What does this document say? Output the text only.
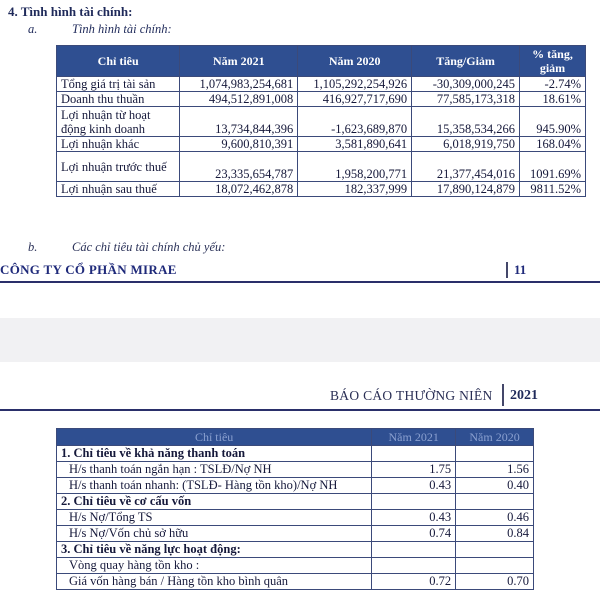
4. Tình hình tài chính:
a.	Tình hình tài chính:
Chỉ tiêu	Năm 2021	Năm 2020	Tăng/Giảm	% tăng, giảm
Tổng giá trị tài sản	1,074,983,254,681	1,105,292,254,926	-30,309,000,245	-2.74%
Doanh thu thuần	494,512,891,008	416,927,717,690	77,585,173,318	18.61%
Lợi nhuận từ hoạt động kinh doanh	13,734,844,396	-1,623,689,870	15,358,534,266	945.90%
Lợi nhuận khác	9,600,810,391	3,581,890,641	6,018,919,750	168.04%
Lợi nhuận trước thuế	23,335,654,787	1,958,200,771	21,377,454,016	1091.69%
Lợi nhuận sau thuế	18,072,462,878	182,337,999	17,890,124,879	9811.52%
b.	Các chỉ tiêu tài chính chủ yếu:
CÔNG TY CỔ PHẦN MIRAE	11
BÁO CÁO THƯỜNG NIÊN 2021
Chỉ tiêu	Năm 2021	Năm 2020
1. Chỉ tiêu về khả năng thanh toán		
H/s thanh toán ngắn hạn : TSLĐ/Nợ NH	1.75	1.56
H/s thanh toán nhanh: (TSLĐ- Hàng tồn kho)/Nợ NH	0.43	0.40
2. Chỉ tiêu về cơ cấu vốn		
H/s Nợ/Tổng TS	0.43	0.46
H/s Nợ/Vốn chủ sở hữu	0.74	0.84
3. Chỉ tiêu về năng lực hoạt động:		
Vòng quay hàng tồn kho :		
Giá vốn hàng bán / Hàng tồn kho bình quân	0.72	0.70
